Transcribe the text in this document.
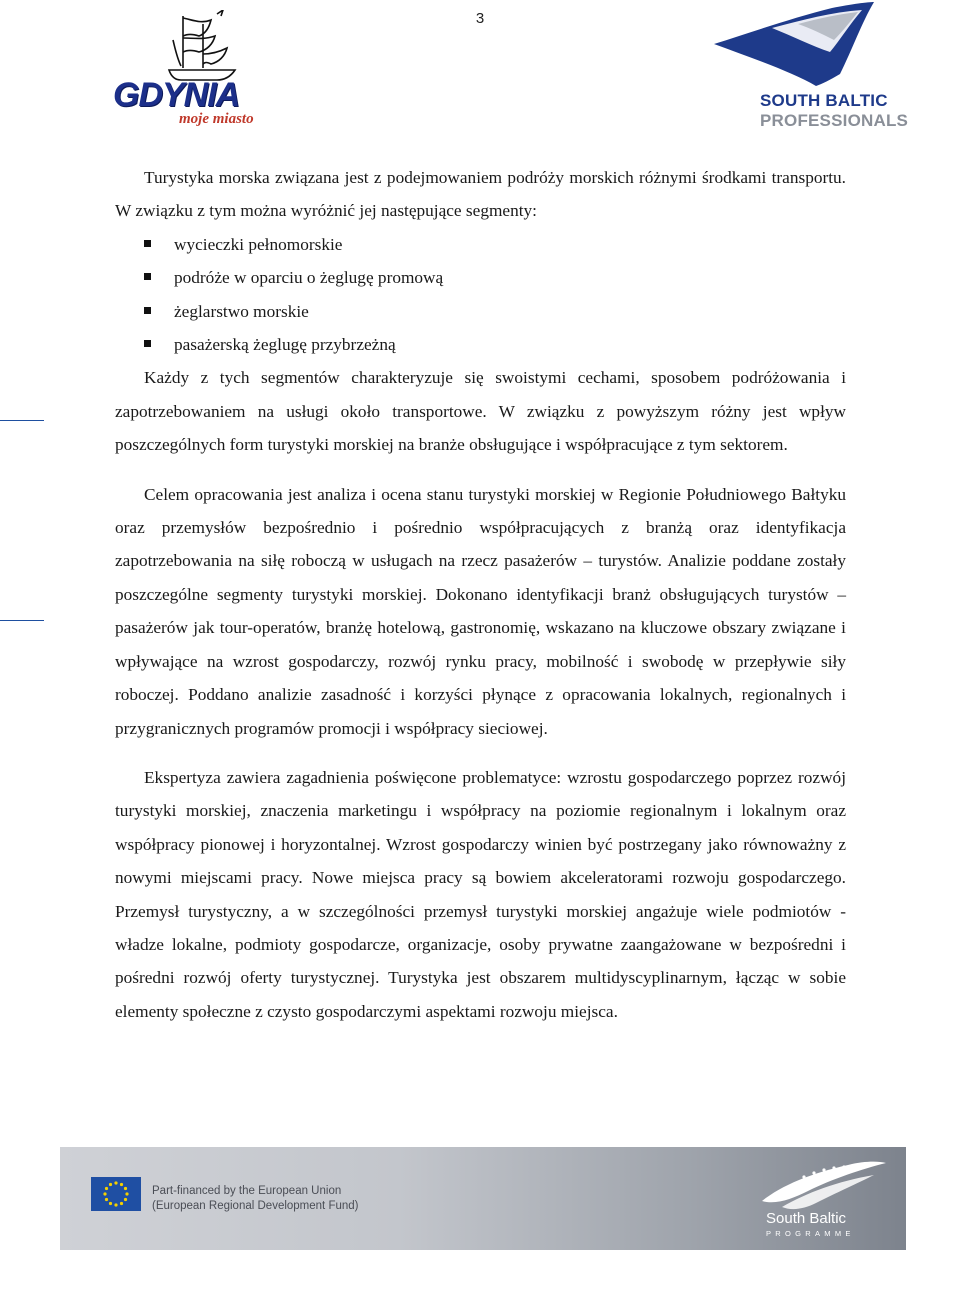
3
GDYNIA
moje miasto
SOUTH BALTIC
PROFESSIONALS

Turystyka morska związana jest z podejmowaniem podróży morskich różnymi środkami transportu. W związku z tym można wyróżnić jej następujące segmenty:

wycieczki pełnomorskie
podróże w oparciu o żeglugę promową
żeglarstwo morskie
pasażerską żeglugę przybrzeżną

Każdy z tych segmentów charakteryzuje się swoistymi cechami, sposobem podróżowania i zapotrzebowaniem na usługi około transportowe. W związku z powyższym różny jest wpływ poszczególnych form turystyki morskiej na branże obsługujące i współpracujące z tym sektorem.

Celem opracowania jest analiza i ocena stanu turystyki morskiej w Regionie Południowego Bałtyku oraz przemysłów bezpośrednio i pośrednio współpracujących z branżą oraz identyfikacja zapotrzebowania na siłę roboczą w usługach na rzecz pasażerów – turystów. Analizie poddane zostały poszczególne segmenty turystyki morskiej. Dokonano identyfikacji branż obsługujących turystów – pasażerów jak tour-operatów, branżę hotelową, gastronomię, wskazano na kluczowe obszary związane i wpływające na wzrost gospodarczy, rozwój rynku pracy, mobilność i swobodę w przepływie siły roboczej. Poddano analizie zasadność i korzyści płynące z opracowania lokalnych, regionalnych i przygranicznych programów promocji i współpracy sieciowej.

Ekspertyza zawiera zagadnienia poświęcone problematyce: wzrostu gospodarczego poprzez rozwój turystyki morskiej, znaczenia marketingu i współpracy na poziomie regionalnym i lokalnym oraz współpracy pionowej i horyzontalnej. Wzrost gospodarczy winien być postrzegany jako równoważny z nowymi miejscami pracy. Nowe miejsca pracy są bowiem akceleratorami rozwoju gospodarczego. Przemysł turystyczny, a w szczególności przemysł turystyki morskiej angażuje wiele podmiotów - władze lokalne, podmioty gospodarcze, organizacje, osoby prywatne zaangażowane w bezpośredni i pośredni rozwój oferty turystycznej. Turystyka jest obszarem multidyscyplinarnym, łącząc w sobie elementy społeczne z czysto gospodarczymi aspektami rozwoju miejsca.

Part-financed by the European Union
(European Regional Development Fund)
South Baltic
PROGRAMME
